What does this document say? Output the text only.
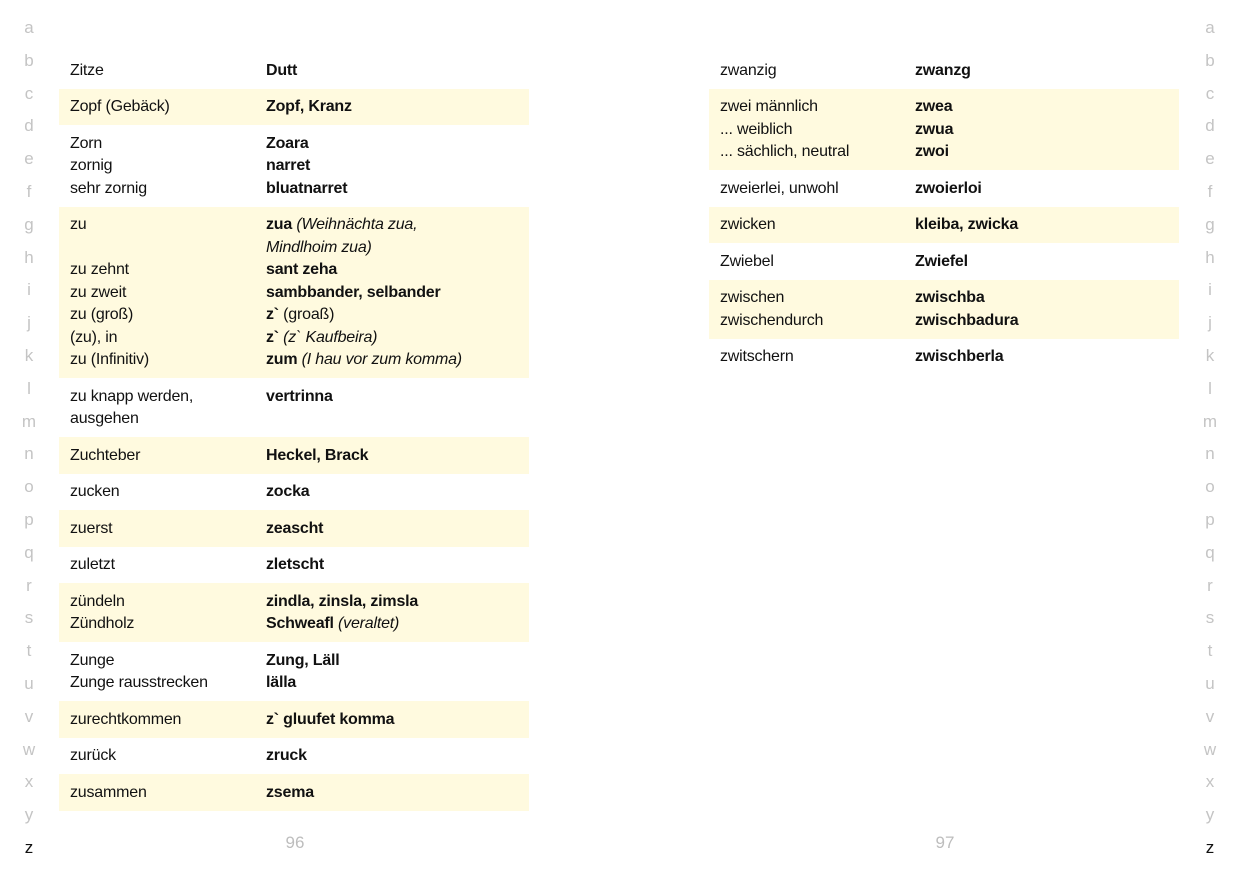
a
b
c
d
e
f
g
h
i
j
k
l
m
n
o
p
q
r
s
t
u
v
w
x
y
z
a
b
c
d
e
f
g
h
i
j
k
l
m
n
o
p
q
r
s
t
u
v
w
x
y
z
Zitze	Dutt
Zopf (Gebäck)	Zopf, Kranz
Zorn	Zoara
zornig	narret
sehr zornig	bluatnarret
zu	zua (Weihnächta zua,
Mindlhoim zua)
zu zehnt	sant zeha
zu zweit	sambbander, selbander
zu (groß)	z` (groaß)
(zu), in	z` (z` Kaufbeira)
zu (Infinitiv)	zum (I hau vor zum komma)
zu knapp werden,	vertrinna
ausgehen
Zuchteber	Heckel, Brack
zucken	zocka
zuerst	zeascht
zuletzt	zletscht
zündeln	zindla, zinsla, zimsla
Zündholz	Schweafl (veraltet)
Zunge	Zung, Läll
Zunge rausstrecken	lälla
zurechtkommen	z` gluufet komma
zurück	zruck
zusammen	zsema
zwanzig	zwanzg
zwei männlich	zwea
... weiblich	zwua
... sächlich, neutral	zwoi
zweierlei, unwohl	zwoierloi
zwicken	kleiba, zwicka
Zwiebel	Zwiefel
zwischen	zwischba
zwischendurch	zwischbadura
zwitschern	zwischberla
96	97
